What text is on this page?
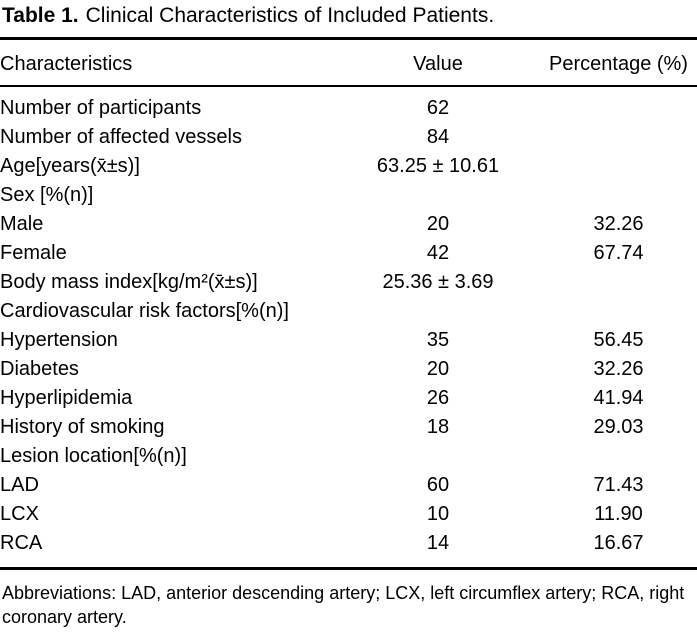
Table 1. Clinical Characteristics of Included Patients.
Characteristics	Value	Percentage (%)
Number of participants	62	
Number of affected vessels	84	
Age[years(x̄±s)]	63.25 ± 10.61	
Sex [%(n)]		
Male	20	32.26
Female	42	67.74
Body mass index[kg/m²(x̄±s)]	25.36 ± 3.69	
Cardiovascular risk factors[%(n)]		
Hypertension	35	56.45
Diabetes	20	32.26
Hyperlipidemia	26	41.94
History of smoking	18	29.03
Lesion location[%(n)]		
LAD	60	71.43
LCX	10	11.90
RCA	14	16.67
Abbreviations: LAD, anterior descending artery; LCX, left circumflex artery; RCA, right coronary artery.
